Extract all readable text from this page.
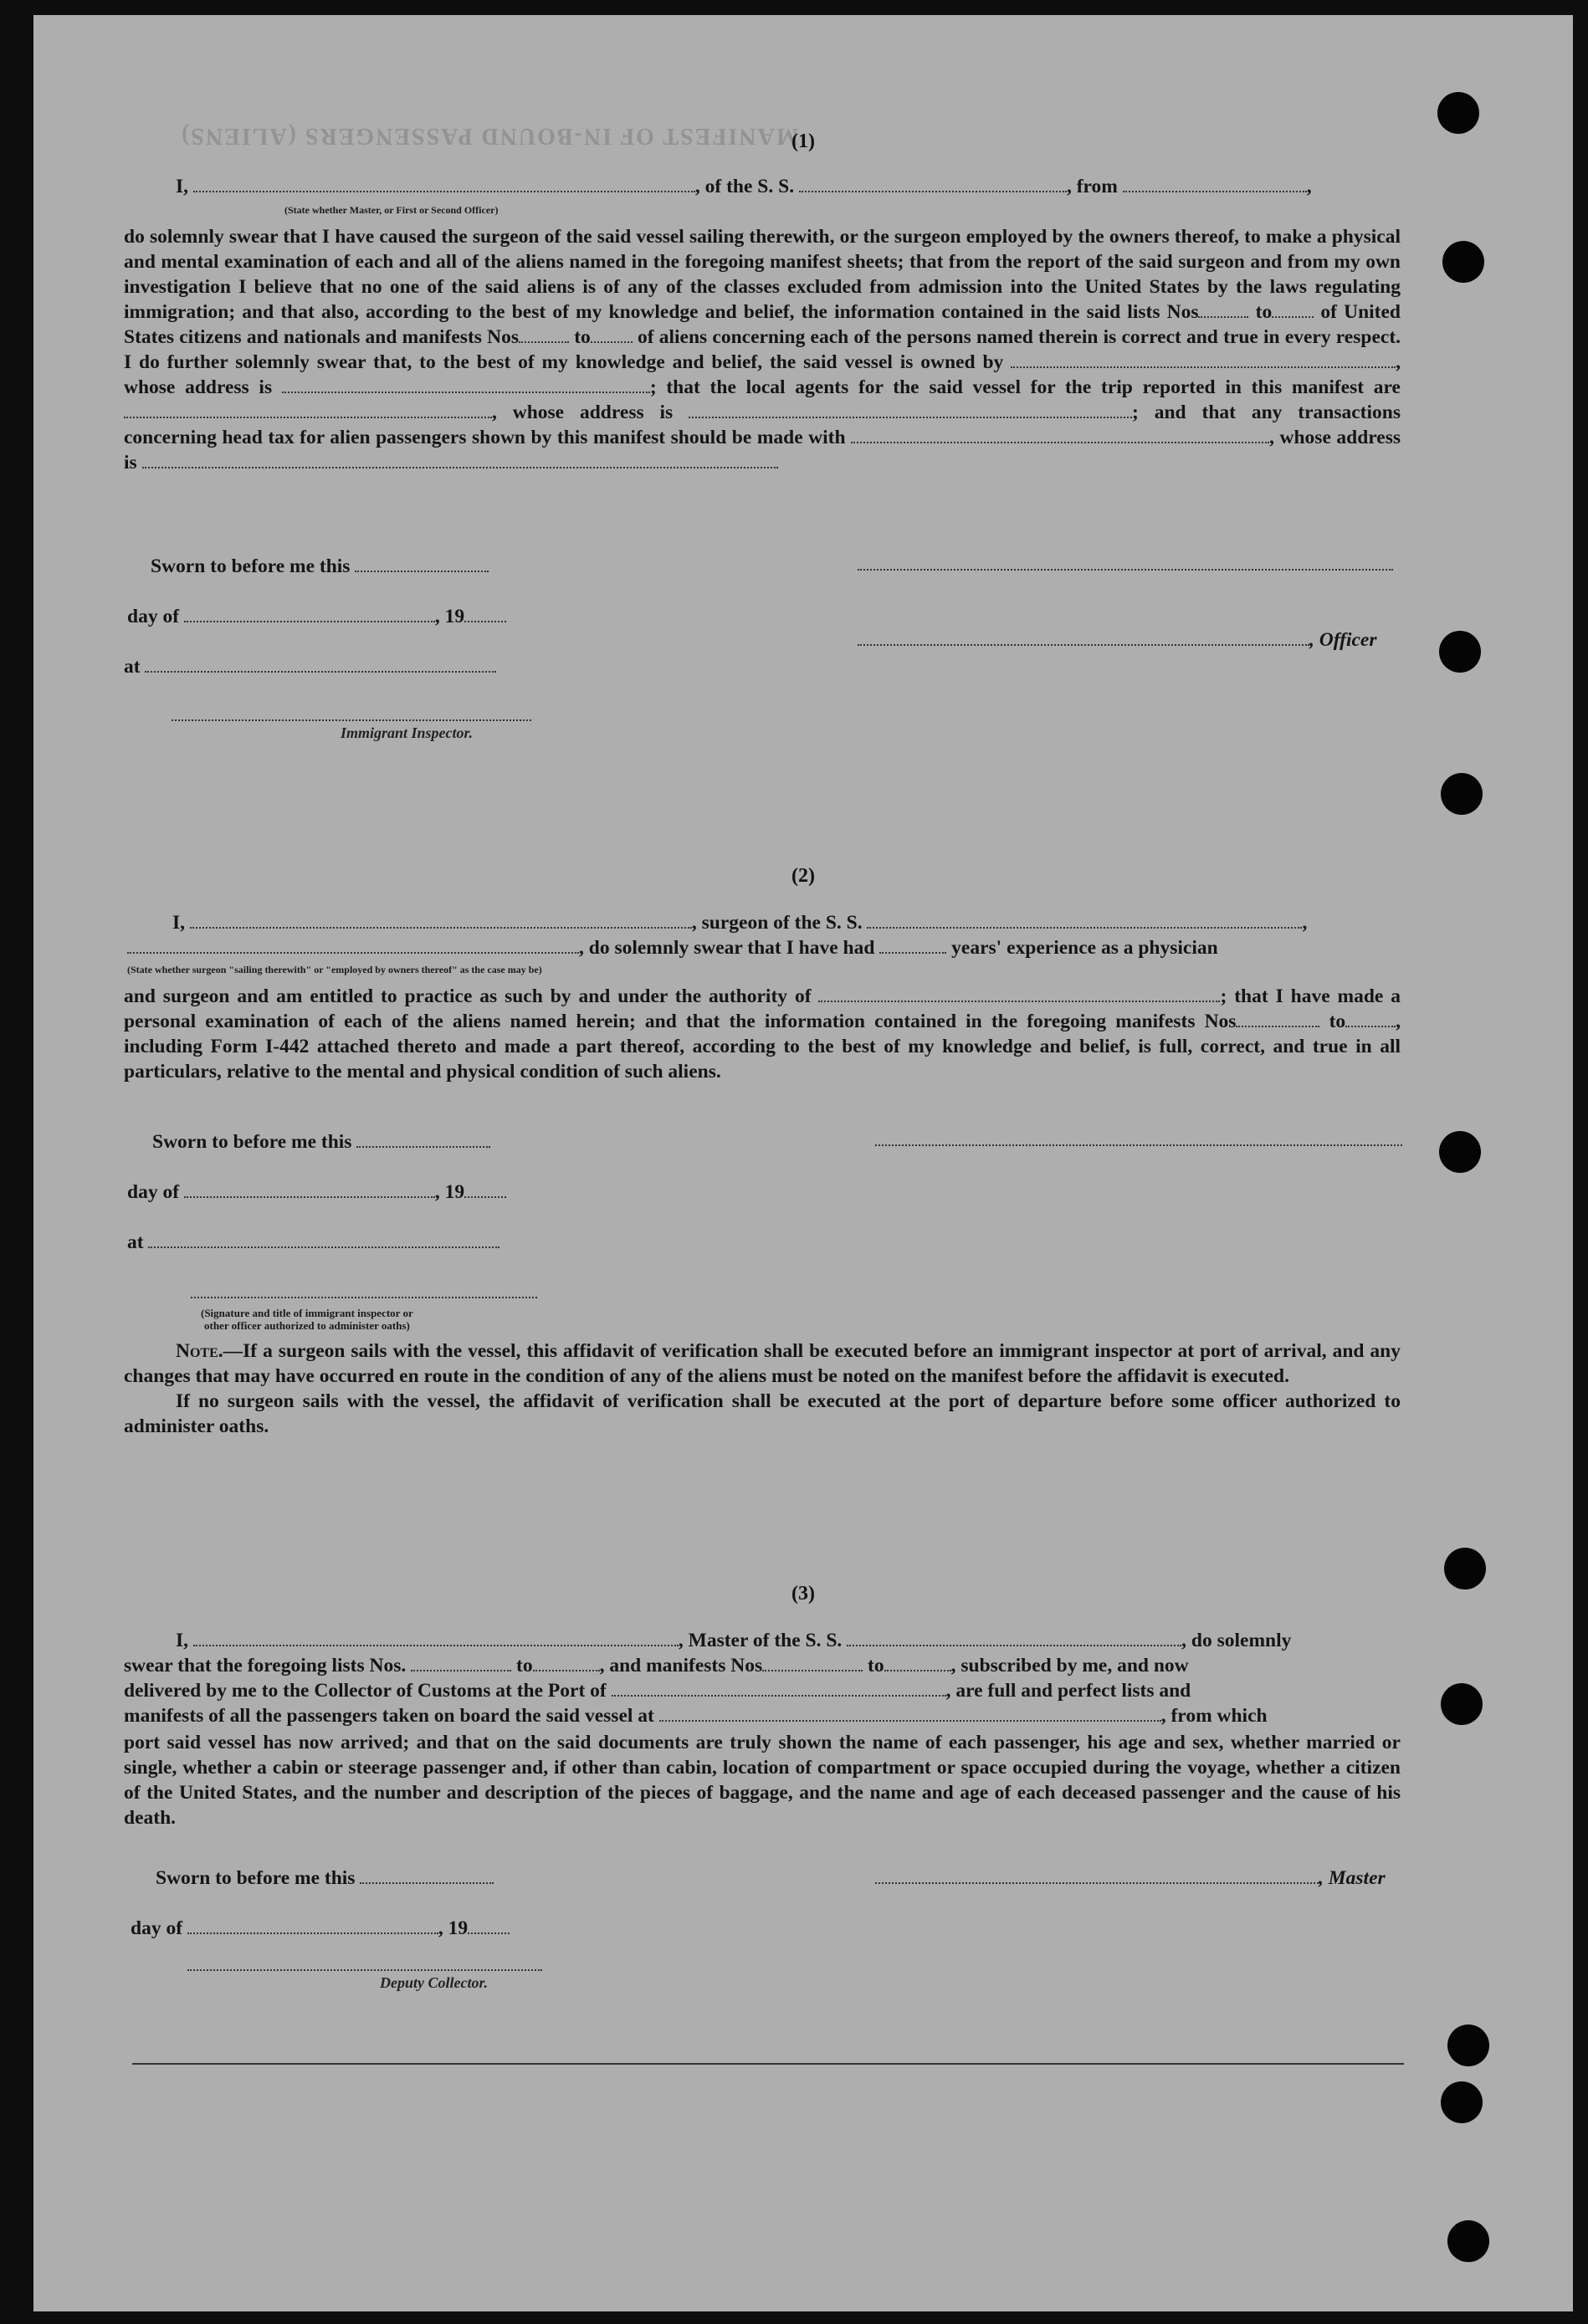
MANIFEST OF IN-BOUND PASSENGERS (ALIENS)
(1)
I,	, of the S. S.	, from	,
(State whether Master, or First or Second Officer)

do solemnly swear that I have caused the surgeon of the said vessel sailing therewith, or the surgeon employed by the owners thereof, to make a physical and mental examination of each and all of the aliens named in the foregoing manifest sheets; that from the report of the said surgeon and from my own investigation I believe that no one of the said aliens is of any of the classes excluded from admission into the United States by the laws regulating immigration; and that also, according to the best of my knowledge and belief, the information contained in the said lists Nos	to of United States citizens and nationals and manifests Nos	to of aliens concerning each of the persons named therein is correct and true in every respect. I do further solemnly swear that, to the best of my knowledge and belief, the said vessel is owned by	, whose address is	; that the local agents for the said vessel for the trip reported in this manifest are , whose address is	; and that any transactions concerning head tax for alien passengers shown by this manifest should be made with	, whose address is

Sworn to before me this
day of	, 19
, Officer
at
Immigrant Inspector.
(2)
I,	, surgeon of the S. S.	,
, do solemnly swear that I have had	years' experience as a physician
(State whether surgeon "sailing therewith" or "employed by owners thereof" as the case may be)

and surgeon and am entitled to practice as such by and under the authority of	; that I have made a personal examination of each of the aliens named herein; and that the information contained in the foregoing manifests Nos	to	, including Form I-442 attached thereto and made a part thereof, according to the best of my knowledge and belief, is full, correct, and true in all particulars, relative to the mental and physical condition of such aliens.

Sworn to before me this
day of	, 19
at
(Signature and title of immigrant inspector or
other officer authorized to administer oaths)

Note.—If a surgeon sails with the vessel, this affidavit of verification shall be executed before an immigrant inspector at port of arrival, and any changes that may have occurred en route in the condition of any of the aliens must be noted on the manifest before the affidavit is executed.

If no surgeon sails with the vessel, the affidavit of verification shall be executed at the port of departure before some officer authorized to administer oaths.

(3)
I,	, Master of the S. S.	, do solemnly
swear that the foregoing lists Nos.	to	, and manifests Nos	to	, subscribed by me, and now
delivered by me to the Collector of Customs at the Port of	, are full and perfect lists and
manifests of all the passengers taken on board the said vessel at	, from which

port said vessel has now arrived; and that on the said documents are truly shown the name of each passenger, his age and sex, whether married or single, whether a cabin or steerage passenger and, if other than cabin, location of compartment or space occupied during the voyage, whether a citizen of the United States, and the number and description of the pieces of baggage, and the name and age of each deceased passenger and the cause of his death.

Sworn to before me this	, Master
day of	, 19
Deputy Collector.
